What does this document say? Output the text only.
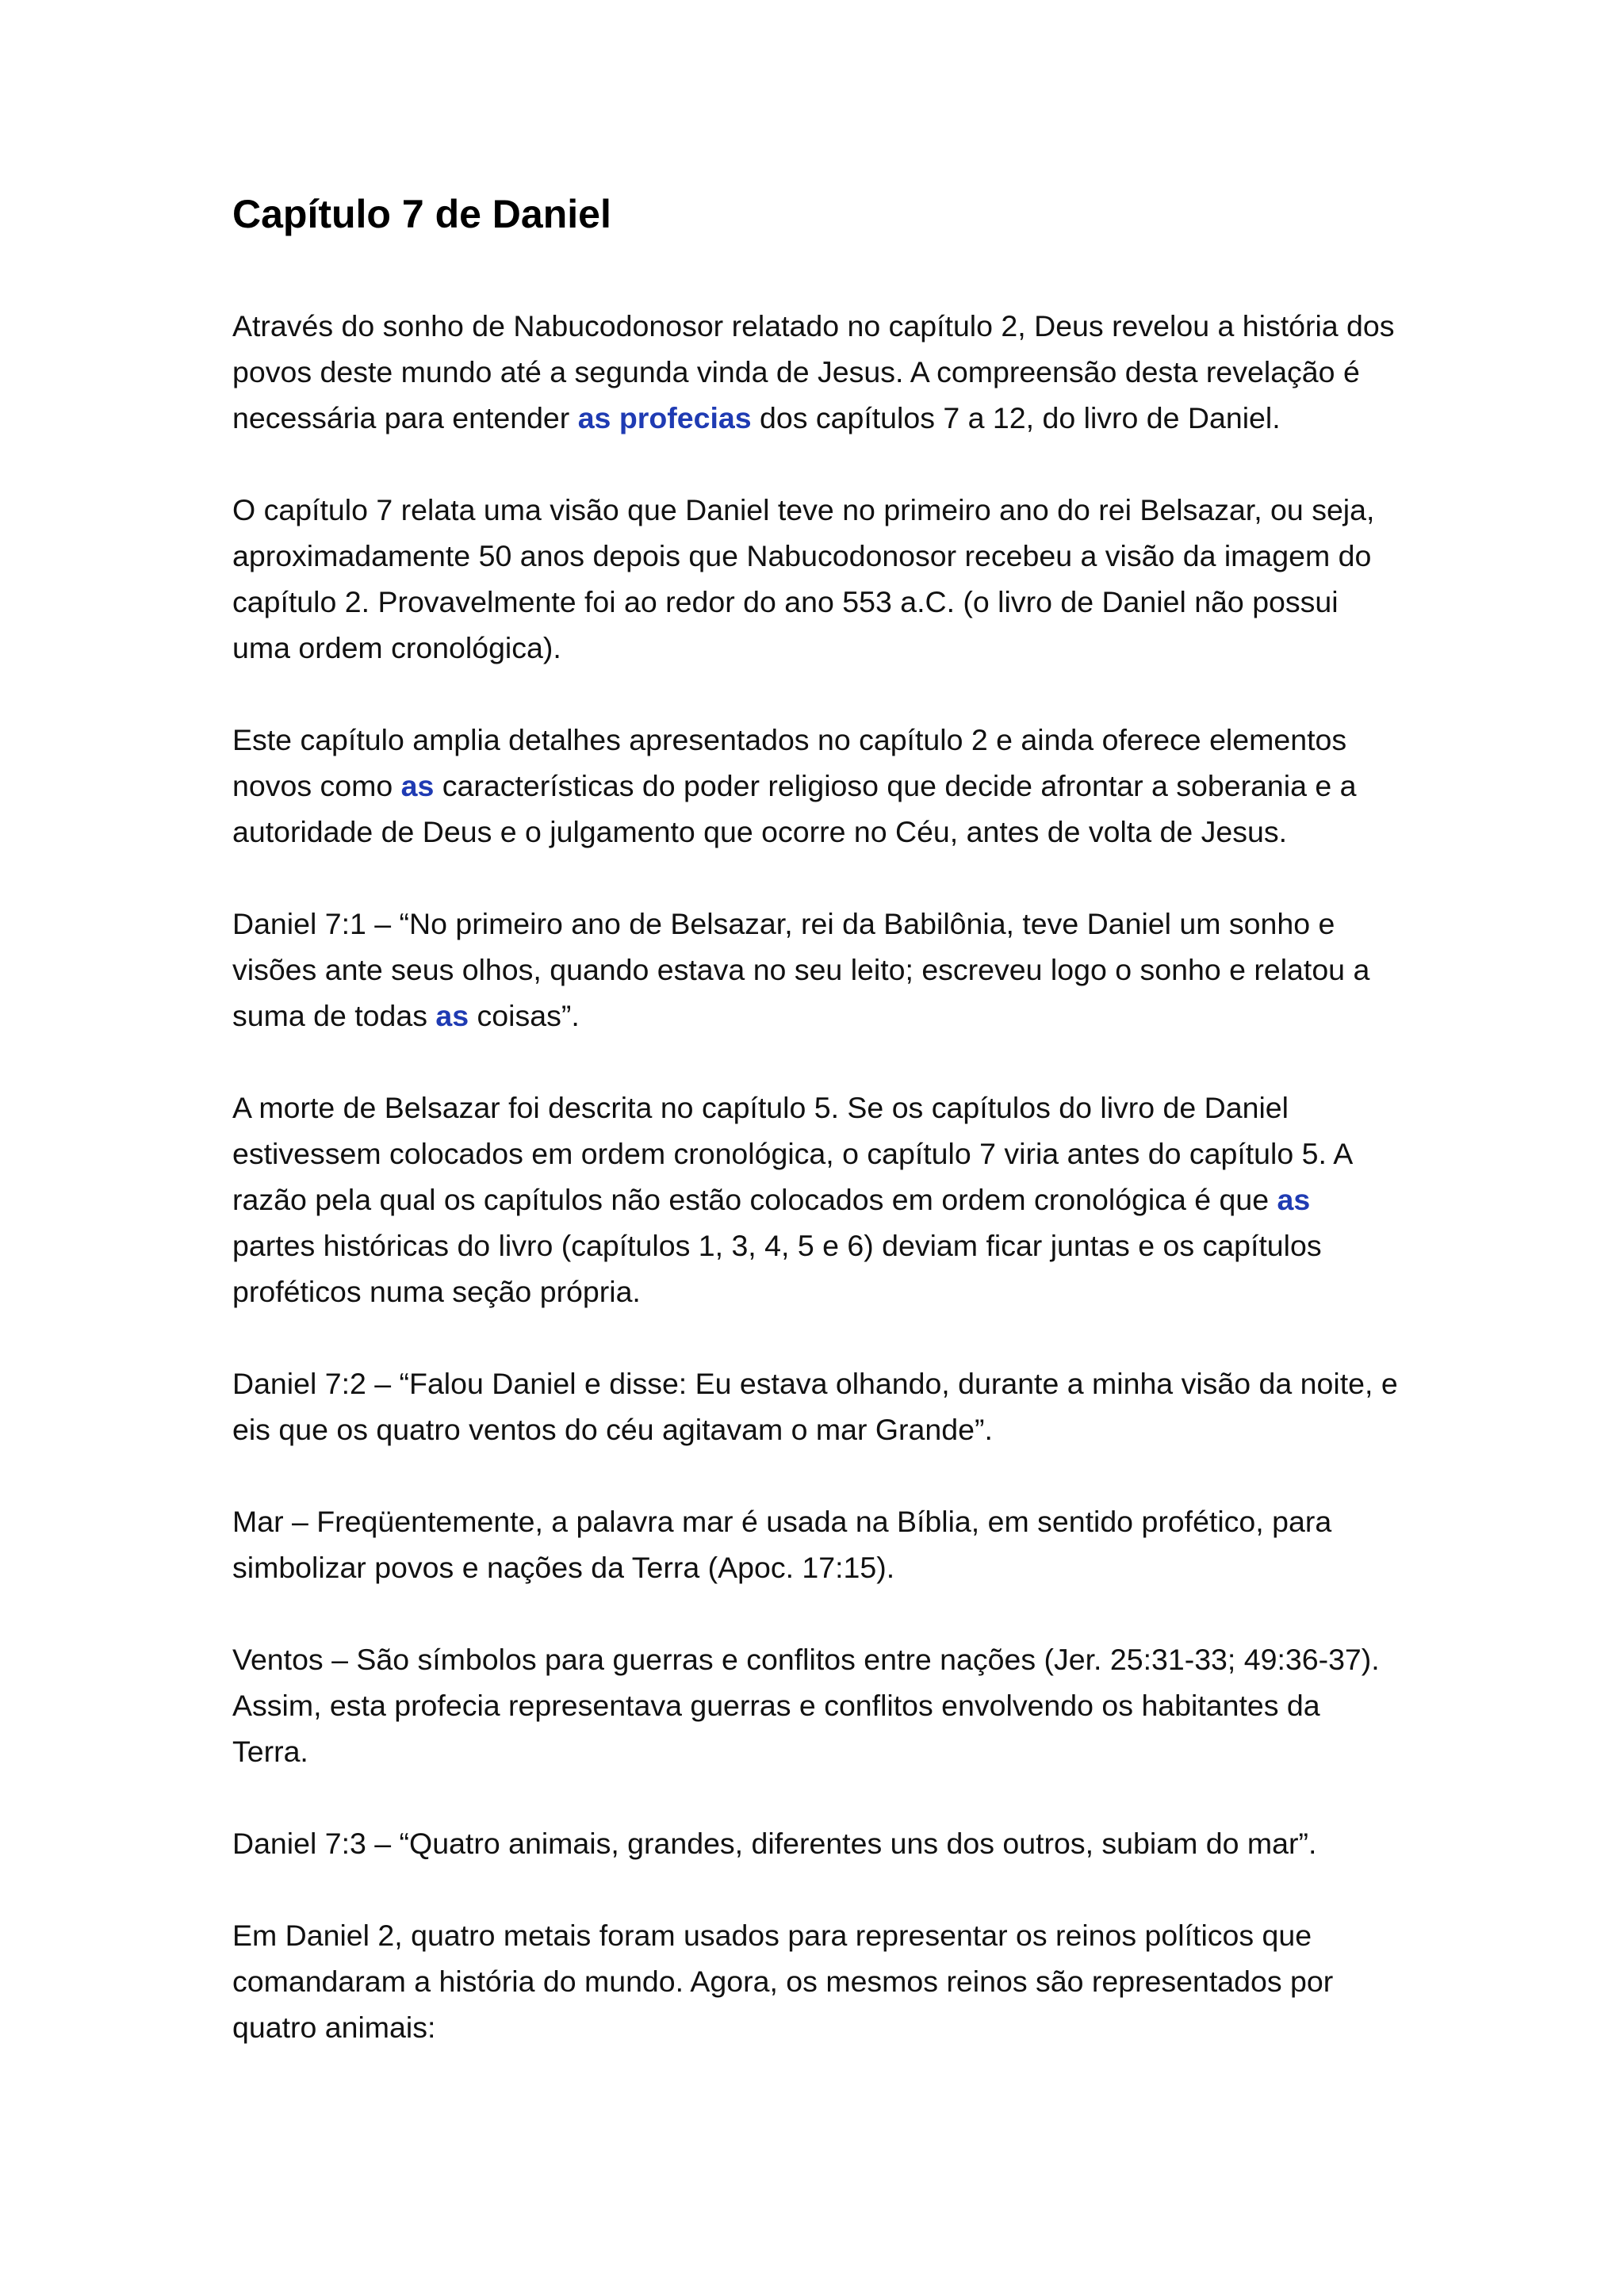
Capítulo 7 de Daniel

Através do sonho de Nabucodonosor relatado no capítulo 2, Deus revelou a história dos povos deste mundo até a segunda vinda de Jesus. A compreensão desta revelação é necessária para entender as profecias dos capítulos 7 a 12, do livro de Daniel.

O capítulo 7 relata uma visão que Daniel teve no primeiro ano do rei Belsazar, ou seja, aproximadamente 50 anos depois que Nabucodonosor recebeu a visão da imagem do capítulo 2. Provavelmente foi ao redor do ano 553 a.C. (o livro de Daniel não possui uma ordem cronológica).

Este capítulo amplia detalhes apresentados no capítulo 2 e ainda oferece elementos novos como as características do poder religioso que decide afrontar a soberania e a autoridade de Deus e o julgamento que ocorre no Céu, antes de volta de Jesus.

Daniel 7:1 – “No primeiro ano de Belsazar, rei da Babilônia, teve Daniel um sonho e visões ante seus olhos, quando estava no seu leito; escreveu logo o sonho e relatou a suma de todas as coisas”.

A morte de Belsazar foi descrita no capítulo 5. Se os capítulos do livro de Daniel estivessem colocados em ordem cronológica, o capítulo 7 viria antes do capítulo 5. A razão pela qual os capítulos não estão colocados em ordem cronológica é que as partes históricas do livro (capítulos 1, 3, 4, 5 e 6) deviam ficar juntas e os capítulos proféticos numa seção própria.

Daniel 7:2 – “Falou Daniel e disse: Eu estava olhando, durante a minha visão da noite, e eis que os quatro ventos do céu agitavam o mar Grande”.

Mar – Freqüentemente, a palavra mar é usada na Bíblia, em sentido profético, para simbolizar povos e nações da Terra (Apoc. 17:15).

Ventos – São símbolos para guerras e conflitos entre nações (Jer. 25:31-33; 49:36-37). Assim, esta profecia representava guerras e conflitos envolvendo os habitantes da Terra.

Daniel 7:3 – “Quatro animais, grandes, diferentes uns dos outros, subiam do mar”.

Em Daniel 2, quatro metais foram usados para representar os reinos políticos que comandaram a história do mundo. Agora, os mesmos reinos são representados por quatro animais:
